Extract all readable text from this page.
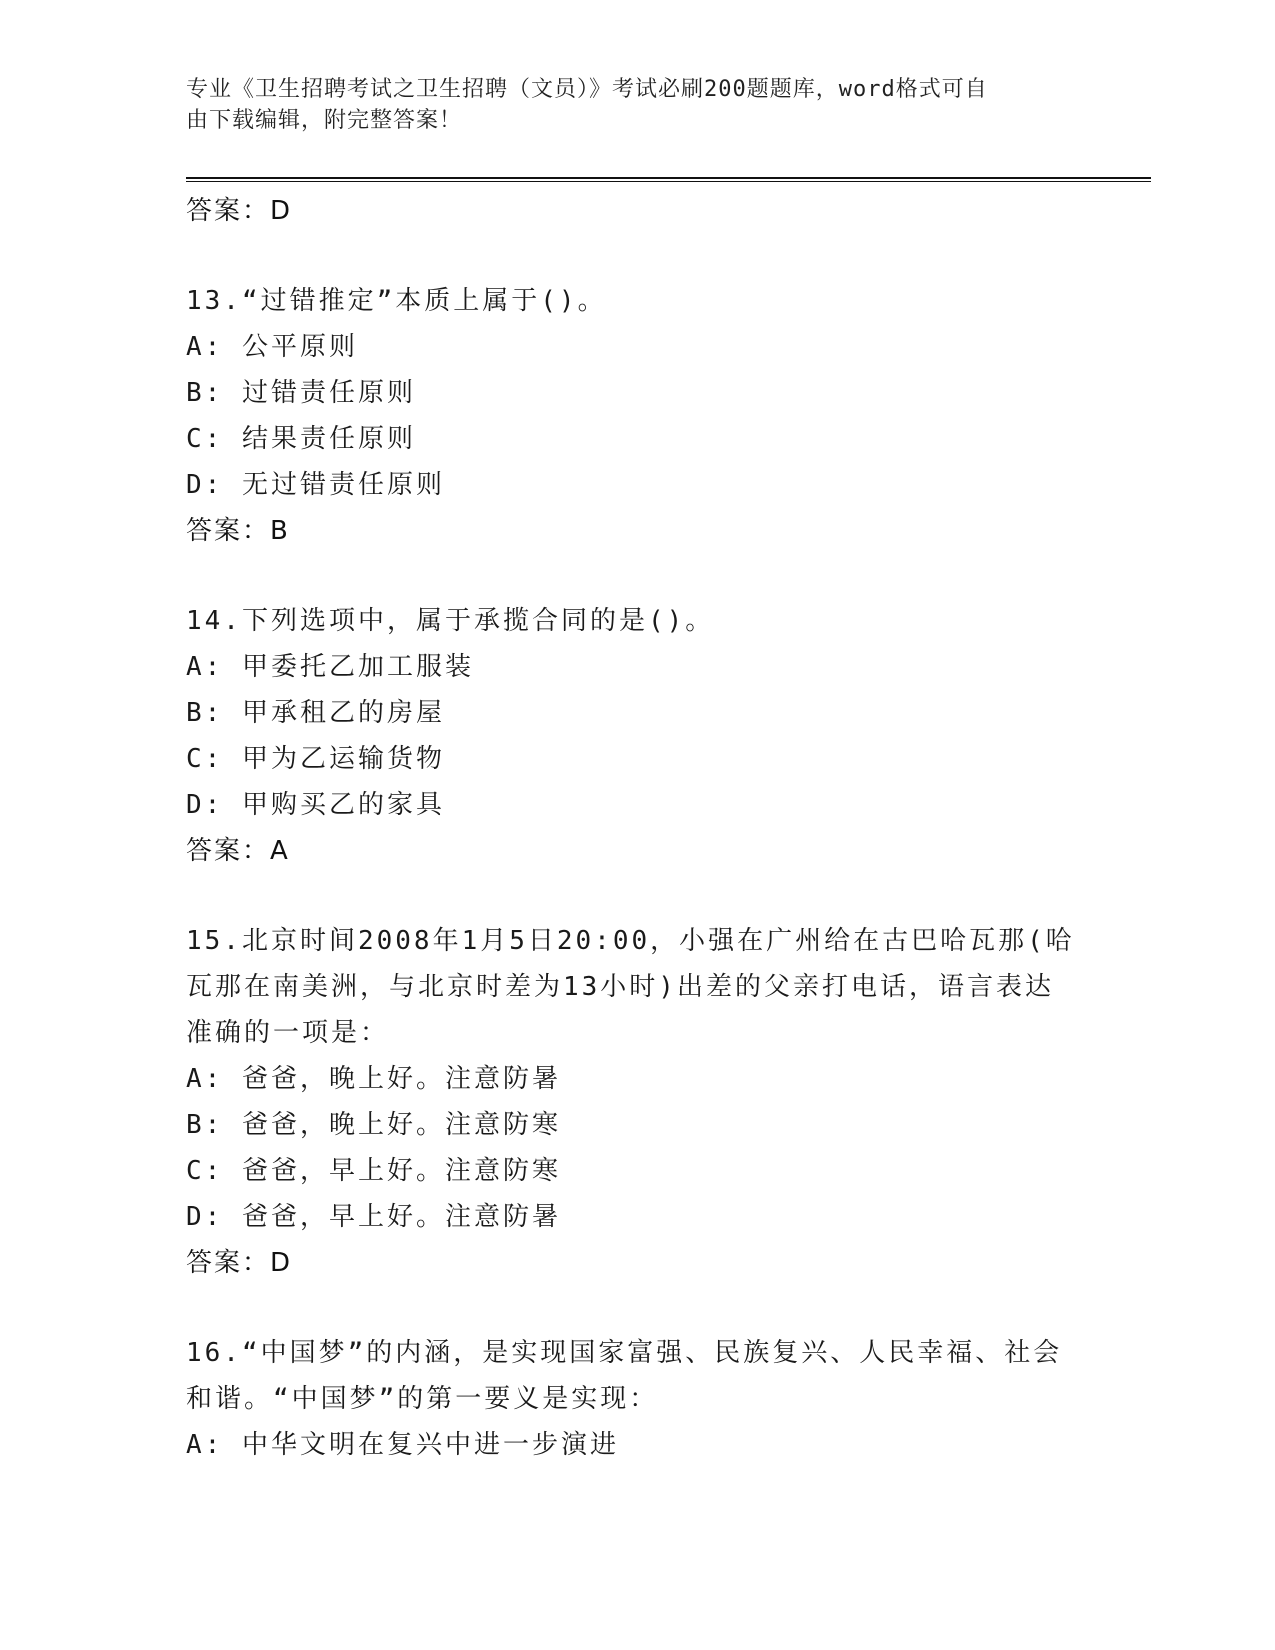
专业《卫生招聘考试之卫生招聘（文员）》考试必刷200题题库，word格式可自
由下载编辑，附完整答案！
答案：D
13.“过错推定”本质上属于()。
A: 公平原则
B: 过错责任原则
C: 结果责任原则
D: 无过错责任原则
答案：B
14.下列选项中，属于承揽合同的是()。
A: 甲委托乙加工服装
B: 甲承租乙的房屋
C: 甲为乙运输货物
D: 甲购买乙的家具
答案：A
15.北京时间2008年1月5日20:00，小强在广州给在古巴哈瓦那(哈
瓦那在南美洲，与北京时差为13小时)出差的父亲打电话，语言表达
准确的一项是：
A: 爸爸，晚上好。注意防暑
B: 爸爸，晚上好。注意防寒
C: 爸爸，早上好。注意防寒
D: 爸爸，早上好。注意防暑
答案：D
16.“中国梦”的内涵，是实现国家富强、民族复兴、人民幸福、社会
和谐。“中国梦”的第一要义是实现：
A: 中华文明在复兴中进一步演进
